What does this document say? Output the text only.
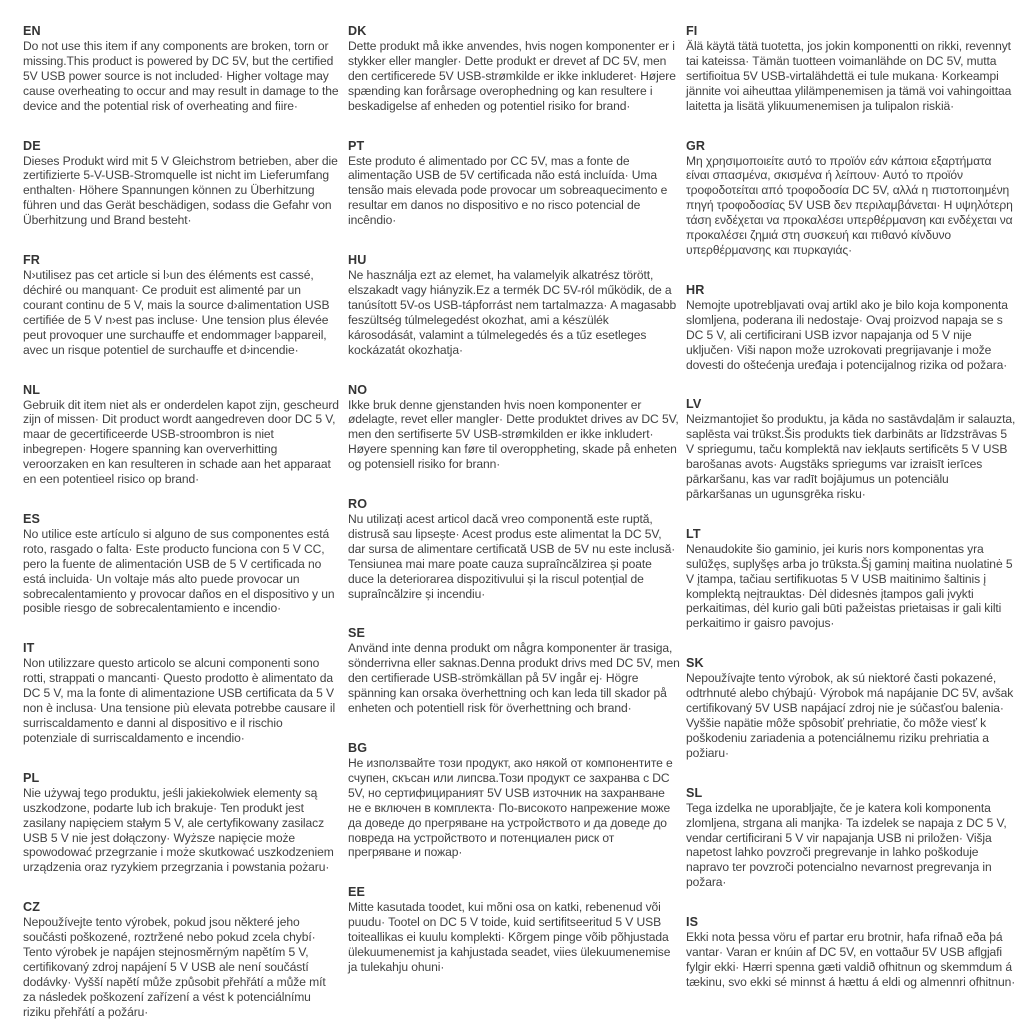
EN

Do not use this item if any components are broken, torn or missing.This product is powered by DC 5V, but the certified 5V USB power source is not included· Higher voltage may cause overheating to occur and may result in damage to the device and the potential risk of overheating and fiire·

DE

Dieses Produkt wird mit 5 V Gleichstrom betrieben, aber die zertifizierte 5-V-USB-Stromquelle ist nicht im Lieferumfang enthalten· Höhere Spannungen können zu Überhitzung führen und das Gerät beschädigen, sodass die Gefahr von Überhitzung und Brand besteht·

FR

N›utilisez pas cet article si l›un des éléments est cassé, déchiré ou manquant· Ce produit est alimenté par un courant continu de 5 V, mais la source d›alimentation USB certifiée de 5 V n›est pas incluse· Une tension plus élevée peut provoquer une surchauffe et endommager l›appareil, avec un risque potentiel de surchauffe et d›incendie·

NL

Gebruik dit item niet als er onderdelen kapot zijn, gescheurd zijn of missen· Dit product wordt aangedreven door DC 5 V, maar de gecertificeerde USB-stroombron is niet inbegrepen· Hogere spanning kan oververhitting veroorzaken en kan resulteren in schade aan het apparaat en een potentieel risico op brand·

ES

No utilice este artículo si alguno de sus componentes está roto, rasgado o falta· Este producto funciona con 5 V CC, pero la fuente de alimentación USB de 5 V certificada no está incluida· Un voltaje más alto puede provocar un sobrecalentamiento y provocar daños en el dispositivo y un posible riesgo de sobrecalentamiento e incendio·

IT

Non utilizzare questo articolo se alcuni componenti sono rotti, strappati o mancanti· Questo prodotto è alimentato da DC 5 V, ma la fonte di alimentazione USB certificata da 5 V non è inclusa· Una tensione più elevata potrebbe causare il surriscaldamento e danni al dispositivo e il rischio potenziale di surriscaldamento e incendio·

PL

Nie używaj tego produktu, jeśli jakiekolwiek elementy są uszkodzone, podarte lub ich brakuje· Ten produkt jest zasilany napięciem stałym 5 V, ale certyfikowany zasilacz USB 5 V nie jest dołączony· Wyższe napięcie może spowodować przegrzanie i może skutkować uszkodzeniem urządzenia oraz ryzykiem przegrzania i powstania pożaru·

CZ

Nepoužívejte tento výrobek, pokud jsou některé jeho součásti poškozené, roztržené nebo pokud zcela chybí· Tento výrobek je napájen stejnosměrným napětím 5 V, certifikovaný zdroj napájení 5 V USB ale není součástí dodávky· Vyšší napětí může způsobit přehřátí a může mít za následek poškození zařízení a vést k potenciálnímu riziku přehřátí a požáru·

DK

Dette produkt må ikke anvendes, hvis nogen komponenter er i stykker eller mangler· Dette produkt er drevet af DC 5V, men den certificerede 5V USB-strømkilde er ikke inkluderet· Højere spænding kan forårsage overophedning og kan resultere i beskadigelse af enheden og potentiel risiko for brand·

PT

Este produto é alimentado por CC 5V, mas a fonte de alimentação USB de 5V certificada não está incluída· Uma tensão mais elevada pode provocar um sobreaquecimento e resultar em danos no dispositivo e no risco potencial de incêndio·

HU

Ne használja ezt az elemet, ha valamelyik alkatrész törött, elszakadt vagy hiányzik.Ez a termék DC 5V-ról működik, de a tanúsított 5V-os USB-tápforrást nem tartalmazza· A magasabb feszültség túlmelegedést okozhat, ami a készülék károsodását, valamint a túlmelegedés és a tűz esetleges kockázatát okozhatja·

NO

Ikke bruk denne gjenstanden hvis noen komponenter er ødelagte, revet eller mangler· Dette produktet drives av DC 5V, men den sertifiserte 5V USB-strømkilden er ikke inkludert· Høyere spenning kan føre til overoppheting, skade på enheten og potensiell risiko for brann·

RO

Nu utilizați acest articol dacă vreo componentă este ruptă, distrusă sau lipsește· Acest produs este alimentat la DC 5V, dar sursa de alimentare certificată USB de 5V nu este inclusă· Tensiunea mai mare poate cauza supraîncălzirea și poate duce la deteriorarea dispozitivului și la riscul potențial de supraîncălzire și incendiu·

SE

Använd inte denna produkt om några komponenter är trasiga, sönderrivna eller saknas.Denna produkt drivs med DC 5V, men den certifierade USB-strömkällan på 5V ingår ej· Högre spänning kan orsaka överhettning och kan leda till skador på enheten och potentiell risk för överhettning och brand·

BG

Не използвайте този продукт, ако някой от компонентите е счупен, скъсан или липсва.Този продукт се захранва с DC 5V, но сертифицираният 5V USB източник на захранване не е включен в комплекта· По-високото напрежение може да доведе до прегряване на устройството и да доведе до повреда на устройството и потенциален риск от прегряване и пожар·

EE

Mitte kasutada toodet, kui mõni osa on katki, rebenenud või puudu· Tootel on DC 5 V toide, kuid sertifitseeritud 5 V USB toiteallikas ei kuulu komplekti· Kõrgem pinge võib põhjustada ülekuumenemist ja kahjustada seadet, viies ülekuumenemise ja tulekahju ohuni·

FI

Älä käytä tätä tuotetta, jos jokin komponentti on rikki, revennyt tai kateissa· Tämän tuotteen voimanlähde on DC 5V, mutta sertifioitua 5V USB-virtalähdettä ei tule mukana· Korkeampi jännite voi aiheuttaa ylilämpenemisen ja tämä voi vahingoittaa laitetta ja lisätä ylikuumenemisen ja tulipalon riskiä·

GR

Μη χρησιμοποιείτε αυτό το προϊόν εάν κάποια εξαρτήματα είναι σπασμένα, σκισμένα ή λείπουν· Αυτό το προϊόν τροφοδοτείται από τροφοδοσία DC 5V, αλλά η πιστοποιημένη πηγή τροφοδοσίας 5V USB δεν περιλαμβάνεται· Η υψηλότερη τάση ενδέχεται να προκαλέσει υπερθέρμανση και ενδέχεται να προκαλέσει ζημιά στη συσκευή και πιθανό κίνδυνο υπερθέρμανσης και πυρκαγιάς·

HR

Nemojte upotrebljavati ovaj artikl ako je bilo koja komponenta slomljena, poderana ili nedostaje· Ovaj proizvod napaja se s DC 5 V, ali certificirani USB izvor napajanja od 5 V nije uključen· Viši napon može uzrokovati pregrijavanje i može dovesti do oštećenja uređaja i potencijalnog rizika od požara·

LV

Neizmantojiet šo produktu, ja kāda no sastāvdaļām ir salauzta, saplēsta vai trūkst.Šis produkts tiek darbināts ar līdzstrāvas 5 V spriegumu, taču komplektā nav iekļauts sertificēts 5 V USB barošanas avots· Augstāks spriegums var izraisīt ierīces pārkaršanu, kas var radīt bojājumus un potenciālu pārkaršanas un ugunsgrēka risku·

LT

Nenaudokite šio gaminio, jei kuris nors komponentas yra sulūžęs, suplyšęs arba jo trūksta.Šį gaminį maitina nuolatinė 5 V įtampa, tačiau sertifikuotas 5 V USB maitinimo šaltinis į komplektą neįtrauktas· Dėl didesnės įtampos gali įvykti perkaitimas, dėl kurio gali būti pažeistas prietaisas ir gali kilti perkaitimo ir gaisro pavojus·

SK

Nepoužívajte tento výrobok, ak sú niektoré časti pokazené, odtrhnuté alebo chýbajú· Výrobok má napájanie DC 5V, avšak certifikovaný 5V USB napájací zdroj nie je súčasťou balenia· Vyššie napätie môže spôsobiť prehriatie, čo môže viesť k poškodeniu zariadenia a potenciálnemu riziku prehriatia a požiaru·

SL

Tega izdelka ne uporabljajte, če je katera koli komponenta zlomljena, strgana ali manjka· Ta izdelek se napaja z DC 5 V, vendar certificirani 5 V vir napajanja USB ni priložen· Višja napetost lahko povzroči pregrevanje in lahko poškoduje napravo ter povzroči potencialno nevarnost pregrevanja in požara·

IS

Ekki nota þessa vöru ef partar eru brotnir, hafa rifnað eða þá vantar· Varan er knúin af DC 5V, en vottaður 5V USB aflgjafi fylgir ekki· Hærri spenna gæti valdið ofhitnun og skemmdum á tækinu, svo ekki sé minnst á hættu á eldi og almennri ofhitnun·
